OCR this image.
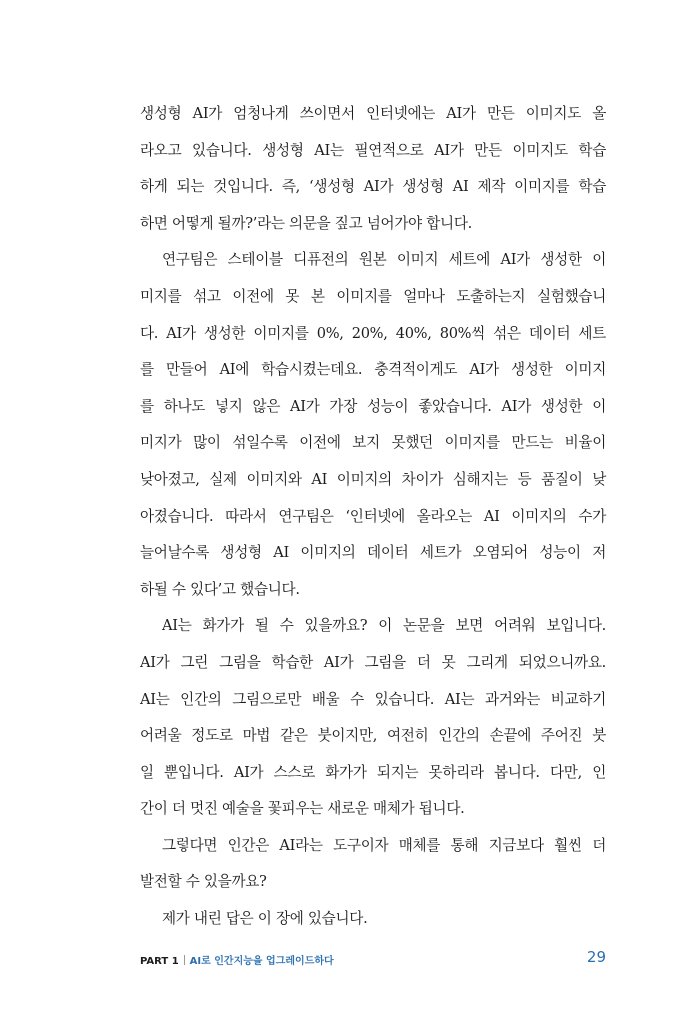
생성형 AI가 엄청나게 쓰이면서 인터넷에는 AI가 만든 이미지도 올
라오고 있습니다. 생성형 AI는 필연적으로 AI가 만든 이미지도 학습
하게 되는 것입니다. 즉, ‘생성형 AI가 생성형 AI 제작 이미지를 학습
하면 어떻게 될까?’라는 의문을 짚고 넘어가야 합니다.
연구팀은 스테이블 디퓨전의 원본 이미지 세트에 AI가 생성한 이
미지를 섞고 이전에 못 본 이미지를 얼마나 도출하는지 실험했습니
다. AI가 생성한 이미지를 0%, 20%, 40%, 80%씩 섞은 데이터 세트
를 만들어 AI에 학습시켰는데요. 충격적이게도 AI가 생성한 이미지
를 하나도 넣지 않은 AI가 가장 성능이 좋았습니다. AI가 생성한 이
미지가 많이 섞일수록 이전에 보지 못했던 이미지를 만드는 비율이
낮아졌고, 실제 이미지와 AI 이미지의 차이가 심해지는 등 품질이 낮
아졌습니다. 따라서 연구팀은 ‘인터넷에 올라오는 AI 이미지의 수가
늘어날수록 생성형 AI 이미지의 데이터 세트가 오염되어 성능이 저
하될 수 있다’고 했습니다.
AI는 화가가 될 수 있을까요? 이 논문을 보면 어려워 보입니다.
AI가 그린 그림을 학습한 AI가 그림을 더 못 그리게 되었으니까요.
AI는 인간의 그림으로만 배울 수 있습니다. AI는 과거와는 비교하기
어려울 정도로 마법 같은 붓이지만, 여전히 인간의 손끝에 주어진 붓
일 뿐입니다. AI가 스스로 화가가 되지는 못하리라 봅니다. 다만, 인
간이 더 멋진 예술을 꽃피우는 새로운 매체가 됩니다.
그렇다면 인간은 AI라는 도구이자 매체를 통해 지금보다 훨씬 더
발전할 수 있을까요?
제가 내린 답은 이 장에 있습니다.
PART 1 AI로 인간지능을 업그레이드하다	29
